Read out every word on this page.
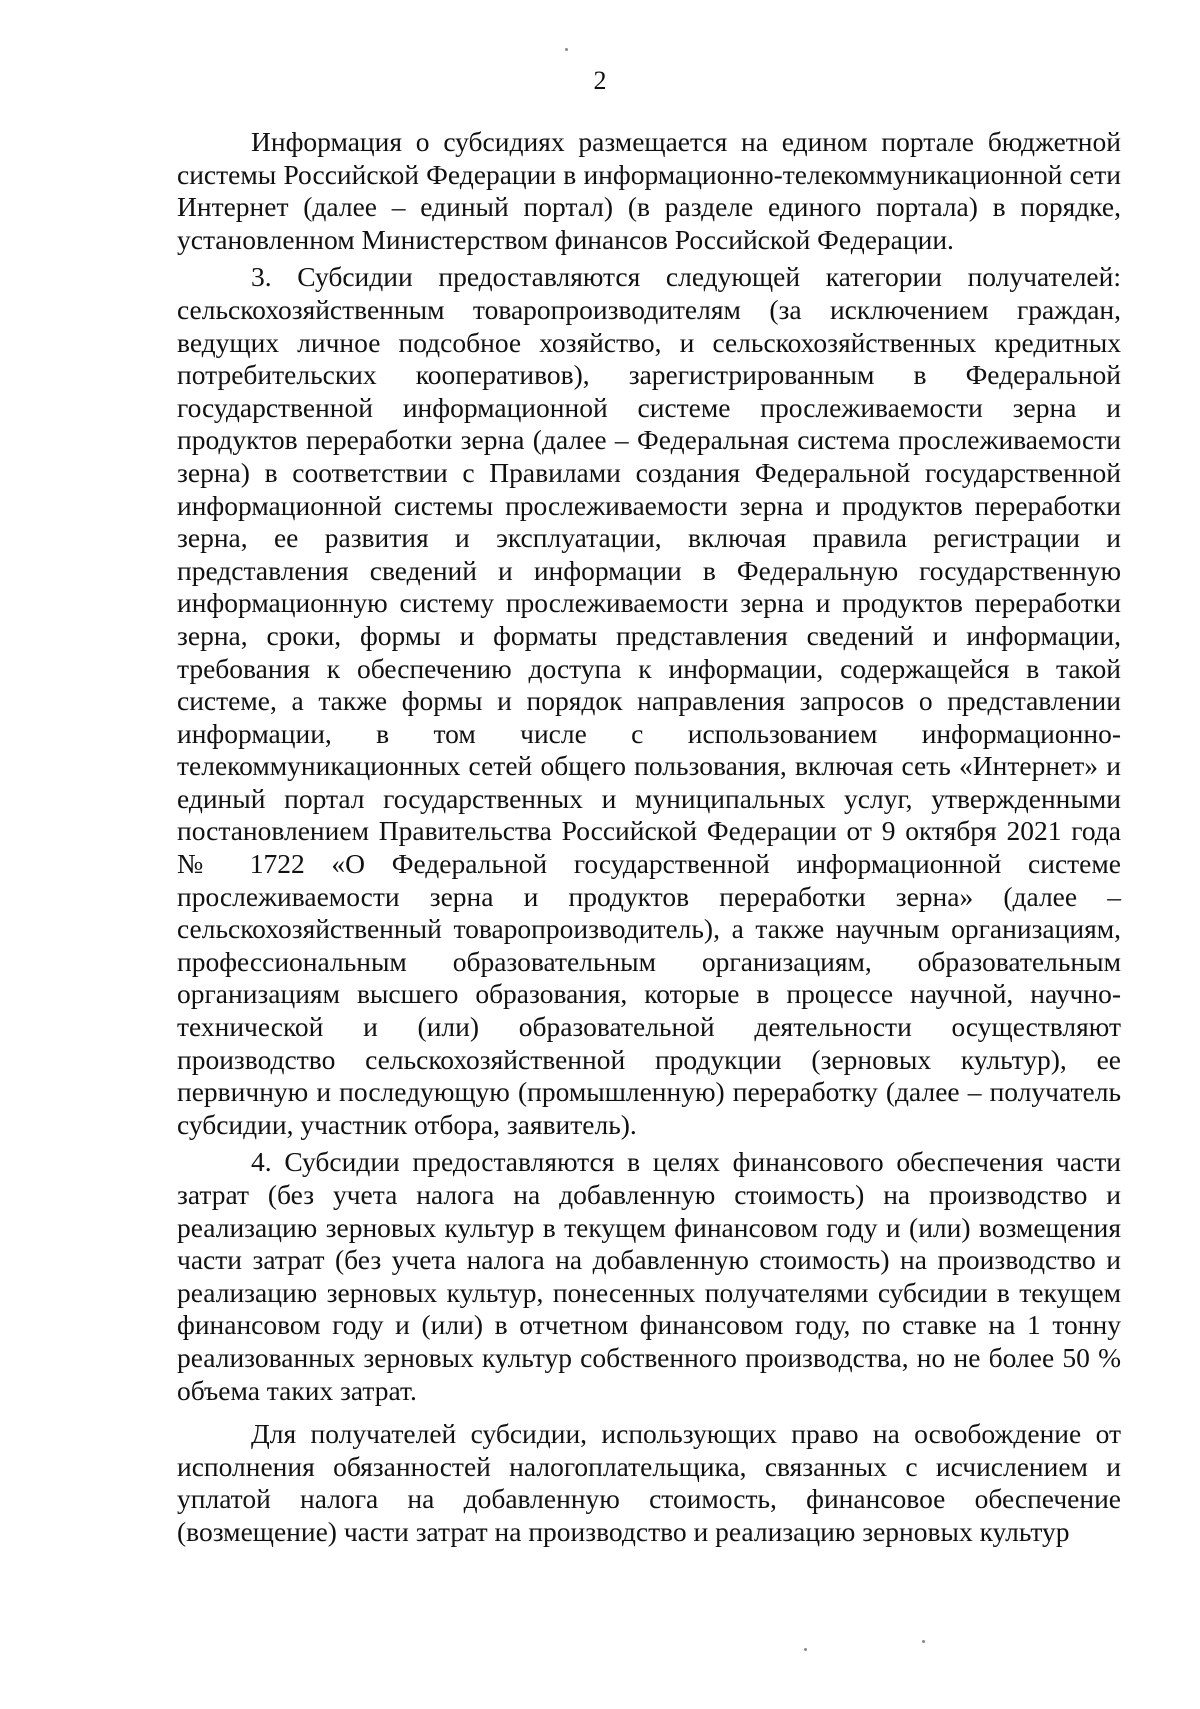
2

Информация о субсидиях размещается на едином портале бюджетной системы Российской Федерации в информационно-телекоммуникационной сети Интернет (далее – единый портал) (в разделе единого портала) в порядке, установленном Министерством финансов Российской Федерации.

3. Субсидии предоставляются следующей категории получателей: сельскохозяйственным товаропроизводителям (за исключением граждан, ведущих личное подсобное хозяйство, и сельскохозяйственных кредитных потребительских кооперативов), зарегистрированным в Федеральной государственной информационной системе прослеживаемости зерна и продуктов переработки зерна (далее – Федеральная система прослеживаемости зерна) в соответствии с Правилами создания Федеральной государственной информационной системы прослеживаемости зерна и продуктов переработки зерна, ее развития и эксплуатации, включая правила регистрации и представления сведений и информации в Федеральную государственную информационную систему прослеживаемости зерна и продуктов переработки зерна, сроки, формы и форматы представления сведений и информации, требования к обеспечению доступа к информации, содержащейся в такой системе, а также формы и порядок направления запросов о представлении информации, в том числе с использованием информационно-телекоммуникационных сетей общего пользования, включая сеть «Интернет» и единый портал государственных и муниципальных услуг, утвержденными постановлением Правительства Российской Федерации от 9 октября 2021 года № 1722 «О Федеральной государственной информационной системе прослеживаемости зерна и продуктов переработки зерна» (далее – сельскохозяйственный товаропроизводитель), а также научным организациям, профессиональным образовательным организациям, образовательным организациям высшего образования, которые в процессе научной, научно-технической и (или) образовательной деятельности осуществляют производство сельскохозяйственной продукции (зерновых культур), ее первичную и последующую (промышленную) переработку (далее – получатель субсидии, участник отбора, заявитель).

4. Субсидии предоставляются в целях финансового обеспечения части затрат (без учета налога на добавленную стоимость) на производство и реализацию зерновых культур в текущем финансовом году и (или) возмещения части затрат (без учета налога на добавленную стоимость) на производство и реализацию зерновых культур, понесенных получателями субсидии в текущем финансовом году и (или) в отчетном финансовом году, по ставке на 1 тонну реализованных зерновых культур собственного производства, но не более 50 % объема таких затрат.

Для получателей субсидии, использующих право на освобождение от исполнения обязанностей налогоплательщика, связанных с исчислением и уплатой налога на добавленную стоимость, финансовое обеспечение (возмещение) части затрат на производство и реализацию зерновых культур
